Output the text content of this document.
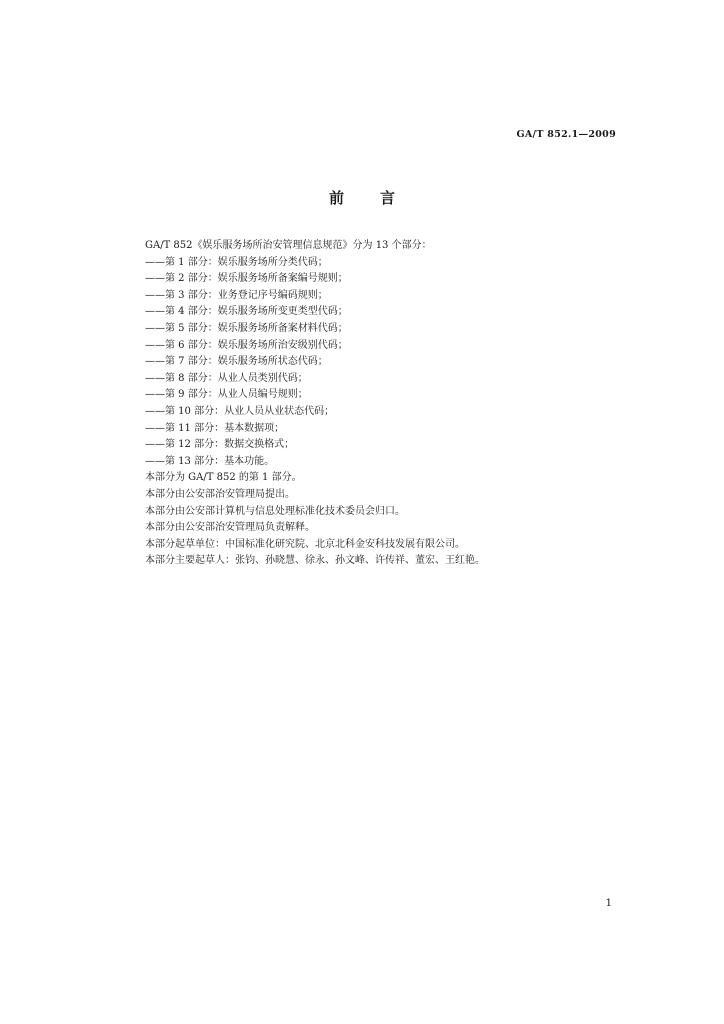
GA/T 852.1—2009
前 言
GA/T 852《娱乐服务场所治安管理信息规范》分为 13 个部分：
——第 1 部分：娱乐服务场所分类代码；
——第 2 部分：娱乐服务场所备案编号规则；
——第 3 部分：业务登记序号编码规则；
——第 4 部分：娱乐服务场所变更类型代码；
——第 5 部分：娱乐服务场所备案材料代码；
——第 6 部分：娱乐服务场所治安级别代码；
——第 7 部分：娱乐服务场所状态代码；
——第 8 部分：从业人员类别代码；
——第 9 部分：从业人员编号规则；
——第 10 部分：从业人员从业状态代码；
——第 11 部分：基本数据项；
——第 12 部分：数据交换格式；
——第 13 部分：基本功能。
本部分为 GA/T 852 的第 1 部分。
本部分由公安部治安管理局提出。
本部分由公安部计算机与信息处理标准化技术委员会归口。
本部分由公安部治安管理局负责解释。
本部分起草单位：中国标准化研究院、北京北科金安科技发展有限公司。
本部分主要起草人：张钧、孙晓慧、徐永、孙文峰、许传祥、董宏、王红艳。
1
